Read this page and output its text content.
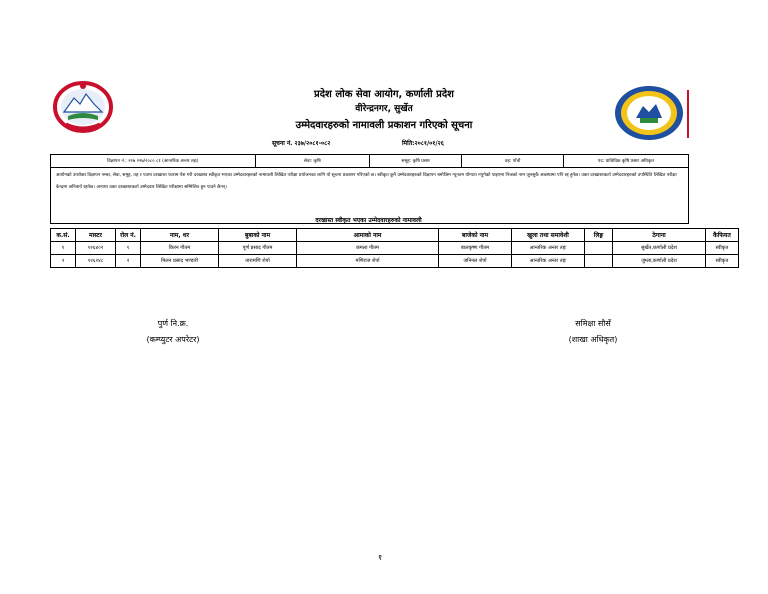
प्रदेश लोक सेवा आयोग, कर्णाली प्रदेश
वीरेन्द्रनगर, सुर्खेत
उम्मेदवारहरुको नामावली प्रकाशन गरिएको सूचना
सूचना नं. २३७/२०८१-०८२	मिति:२०८१/०१/२६
विज्ञापन नं.: २२७ २२७/२०८० ८१ (आन्तरिक अन्तर तहः)	सेवा: कृषि	समूह: कृषि प्रसार	तह: पाँचौ	पद: प्राविधिक कृषि प्रसार अधिकृत
आयोगको उपरोक्त विज्ञापन नम्बर, सेवा, समूह, तह र पदमा दरखास्त फाराम पेश गरी दरखास्त स्वीकृत भएका उम्मेदवारहरुको नामावली लिखित परीक्षा प्रयोजनका लागि यो सूचना प्रकाशन गरिएको छ। स्वीकृत कुनै उम्मेदवारहरुको विज्ञापन बमोजिम न्यूनतम योग्यता नपुगेको पाइएमा निजको नाम जुनसुकै अवस्थामा पनि रद्द हुनेछ। उक्त दरखास्तकर्ता उम्मेदवारहरुको उपस्थिति लिखित परीक्षा केन्द्रमा अनिवार्य रहनेछ। अन्यथा उक्त दरखास्तकर्ता उम्मेदवार लिखित परीक्षामा सम्मिलित हुन पाउने छैनन्।
दरखास्त स्वीकृत भएका उम्मेदवारहरुको नामावली
क.सं.	मास्टर	रोल नं.	नाम, थर	बुबाको नाम	आमाको नाम	बाजेको नाम	खुला तथा समावेशी	लिङ्ग	ठेगाना	कैफियत
१	१२६४०२	१	किरन गौतम	पूर्ण प्रसाद गौतम	कमला गौतम	बालकृष्ण गौतम	आन्तरिक अन्तर तहः		सुर्खेत,कर्णाली प्रदेश	स्वीकृत
२	१२६२४८	२	मिलन प्रसाद भण्डारी	तारामणि शेर्पा	मणिराज शेर्पा	जनिनल शेर्पा	आन्तरिक अन्तर तहः		जुम्ला,कर्णाली प्रदेश	स्वीकृत
पुर्ण नि.क्र.
(कम्प्युटर अपरेटर)
समिक्षा सौसँ
(शाखा अधिकृत)
१
